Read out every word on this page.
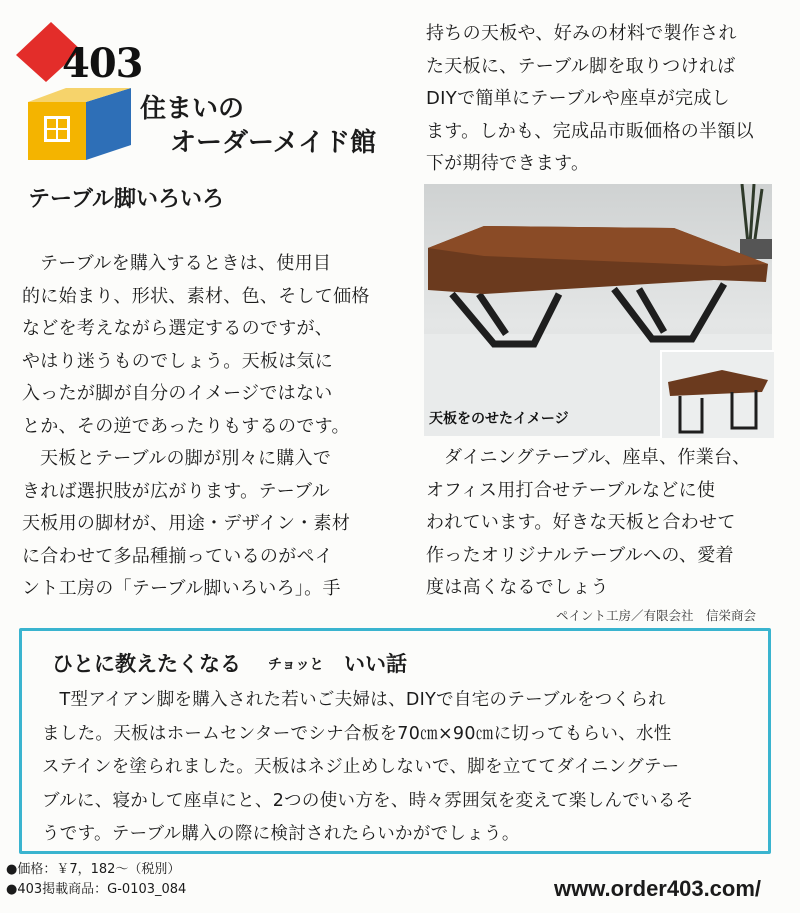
403
住まいの
オーダーメイド館
テーブル脚いろいろ

テーブルを購入するときは、使用目

的に始まり、形状、素材、色、そして価格

などを考えながら選定するのですが、

やはり迷うものでしょう。天板は気に

入ったが脚が自分のイメージではない

とか、その逆であったりもするのです。

天板とテーブルの脚が別々に購入で

きれば選択肢が広がります。テーブル

天板用の脚材が、用途・デザイン・素材

に合わせて多品種揃っているのがペイ

ント工房の「テーブル脚いろいろ」。手

持ちの天板や、好みの材料で製作され

た天板に、テーブル脚を取りつければ

DIYで簡単にテーブルや座卓が完成し

ます。しかも、完成品市販価格の半額以

下が期待できます。

天板をのせたイメージ

ダイニングテーブル、座卓、作業台、

オフィス用打合せテーブルなどに使

われています。好きな天板と合わせて

作ったオリジナルテーブルへの、愛着

度は高くなるでしょう

ペイント工房／有限会社　信栄商会
ひとに教えたくなる チョッと いい話

T型アイアン脚を購入された若いご夫婦は、DIYで自宅のテーブルをつくられ

ました。天板はホームセンターでシナ合板を70㎝×90㎝に切ってもらい、水性

ステインを塗られました。天板はネジ止めしないで、脚を立ててダイニングテー

ブルに、寝かして座卓にと、2つの使い方を、時々雰囲気を変えて楽しんでいるそ

うです。テーブル購入の際に検討されたらいかがでしょう。

●価格：￥7，182～（税別）
●403掲載商品：G-0103_084	www.order403.com/
